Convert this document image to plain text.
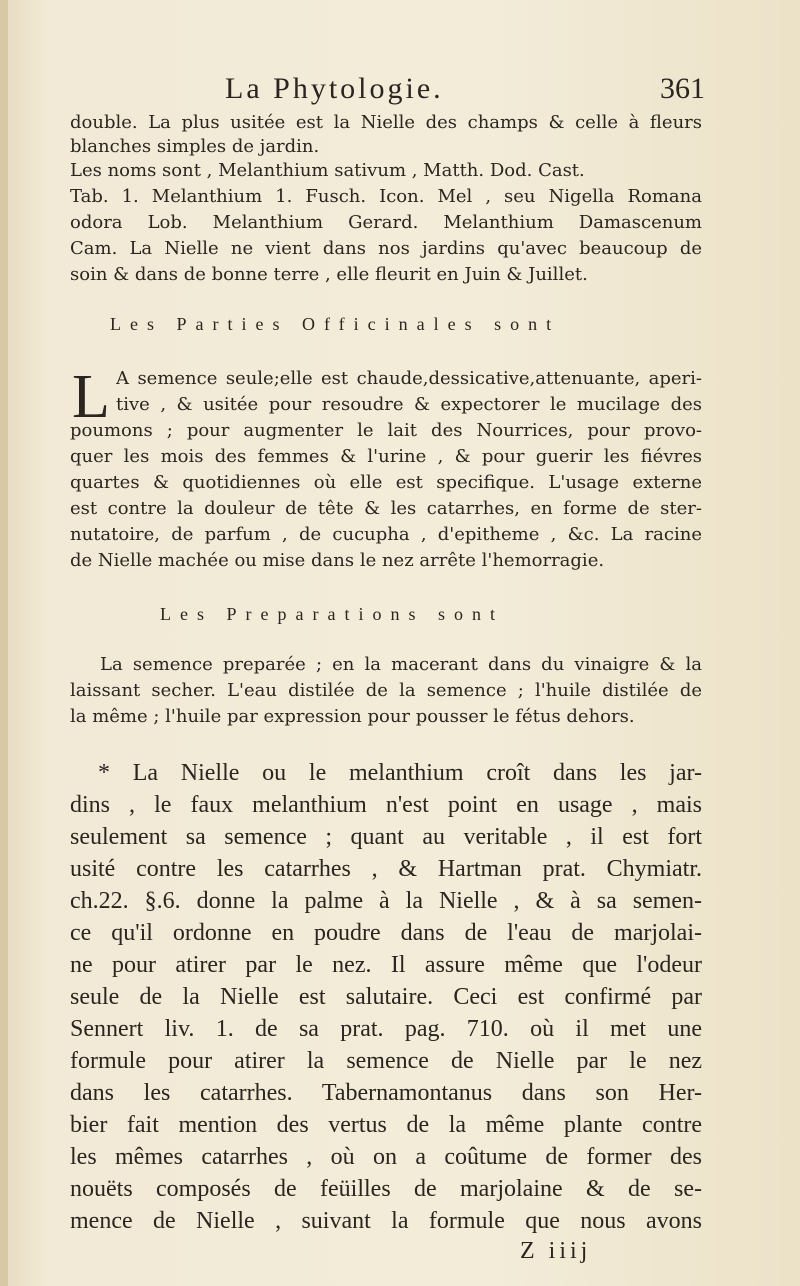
La Phytologie.	361
double. La plus usitée est la Nielle des champs & celle à fleurs
blanches simples de jardin.
Les noms sont , Melanthium sativum , Matth. Dod. Cast.
Tab. 1. Melanthium 1. Fusch. Icon. Mel , seu Nigella Romana
odora Lob. Melanthium Gerard. Melanthium Damascenum
Cam. La Nielle ne vient dans nos jardins qu'avec beaucoup de
soin & dans de bonne terre , elle fleurit en Juin & Juillet.
Les Parties Officinales sont
L A semence seule;elle est chaude,dessicative,attenuante, aperi-
tive , & usitée pour resoudre & expectorer le mucilage des
poumons ; pour augmenter le lait des Nourrices, pour provo-
quer les mois des femmes & l'urine , & pour guerir les fiévres
quartes & quotidiennes où elle est specifique. L'usage externe
est contre la douleur de tête & les catarrhes, en forme de ster-
nutatoire, de parfum , de cucupha , d'epitheme , &c. La racine
de Nielle machée ou mise dans le nez arrête l'hemorragie.
Les Preparations sont
La semence preparée ; en la macerant dans du vinaigre & la
laissant secher. L'eau distilée de la semence ; l'huile distilée de
la même ; l'huile par expression pour pousser le fétus dehors.
* La Nielle ou le melanthium croît dans les jar-
dins , le faux melanthium n'est point en usage , mais
seulement sa semence ; quant au veritable , il est fort
usité contre les catarrhes , & Hartman prat. Chymiatr.
ch.22. §.6. donne la palme à la Nielle , & à sa semen-
ce qu'il ordonne en poudre dans de l'eau de marjolai-
ne pour atirer par le nez. Il assure même que l'odeur
seule de la Nielle est salutaire. Ceci est confirmé par
Sennert liv. 1. de sa prat. pag. 710. où il met une
formule pour atirer la semence de Nielle par le nez
dans les catarrhes. Tabernamontanus dans son Her-
bier fait mention des vertus de la même plante contre
les mêmes catarrhes , où on a coûtume de former des
nouëts composés de feüilles de marjolaine & de se-
mence de Nielle , suivant la formule que nous avons
Z iiij
